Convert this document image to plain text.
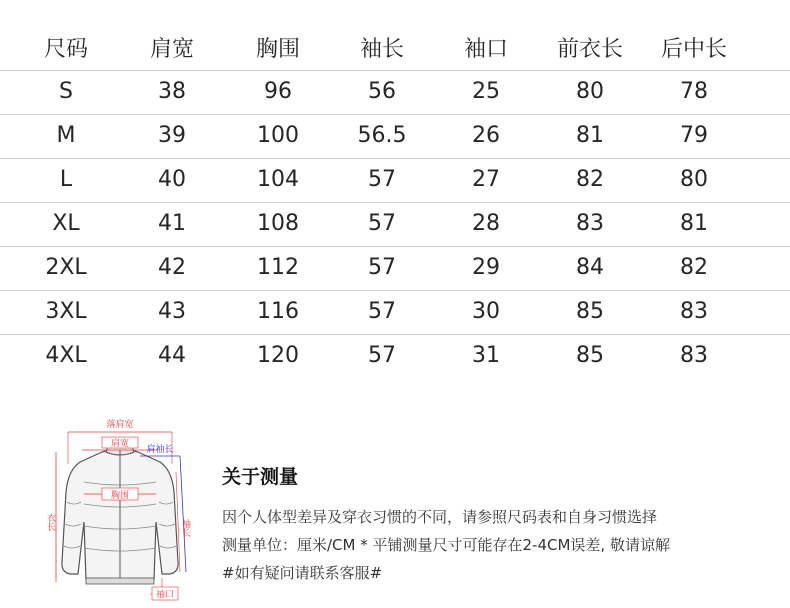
尺码	肩宽	胸围	袖长	袖口	前衣长	后中长
S	38	96	56	25	80	78
M	39	100	56.5	26	81	79
L	40	104	57	27	82	80
XL	41	108	57	28	83	81
2XL	42	112	57	29	84	82
3XL	43	116	57	30	85	83
4XL	44	120	57	31	85	83
落肩宽
肩宽
肩袖长
胸围
衣长	袖长
袖口
关于测量
因个人体型差异及穿衣习惯的不同，请参照尺码表和自身习惯选择
测量单位：厘米/CM * 平铺测量尺寸可能存在2-4CM误差, 敬请谅解
#如有疑问请联系客服#
